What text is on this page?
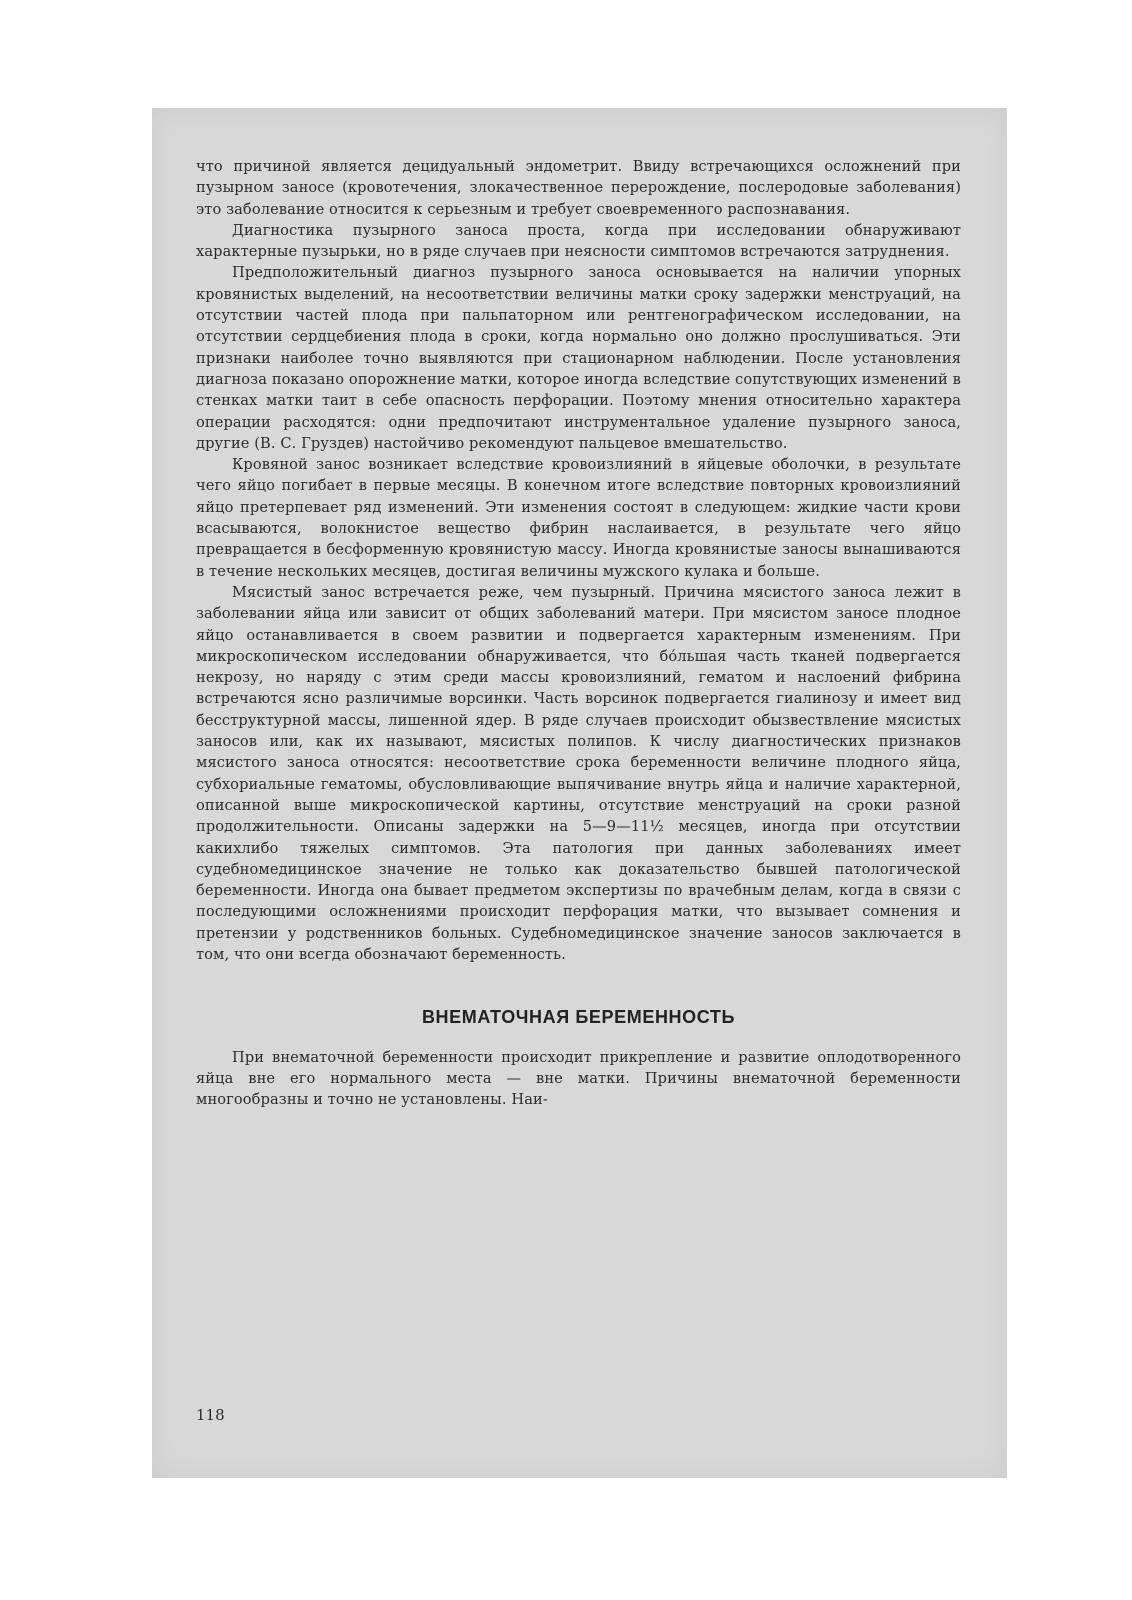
что причиной является децидуальный эндометрит. Ввиду встречающихся осложнений при пузырном заносе (кровотечения, злокачественное перерождение, послеродовые заболевания) это заболевание относится к серьезным и требует своевременного распознавания.

Диагностика пузырного заноса проста, когда при исследовании обнаруживают характерные пузырьки, но в ряде случаев при неясности симптомов встречаются затруднения.

Предположительный диагноз пузырного заноса основывается на наличии упорных кровянистых выделений, на несоответствии величины матки сроку задержки менструаций, на отсутствии частей плода при пальпаторном или рентгенографическом исследовании, на отсутствии сердцебиения плода в сроки, когда нормально оно должно прослушиваться. Эти признаки наиболее точно выявляются при стационарном наблюдении. После установления диагноза показано опорожнение матки, которое иногда вследствие сопутствующих изменений в стенках матки таит в себе опасность перфорации. Поэтому мнения относительно характера операции расходятся: одни предпочитают инструментальное удаление пузырного заноса, другие (В. С. Груздев) настойчиво рекомендуют пальцевое вмешательство.

Кровяной занос возникает вследствие кровоизлияний в яйцевые оболочки, в результате чего яйцо погибает в первые месяцы. В конечном итоге вследствие повторных кровоизлияний яйцо претерпевает ряд изменений. Эти изменения состоят в следующем: жидкие части крови всасываются, волокнистое вещество фибрин наслаивается, в результате чего яйцо превращается в бесформенную кровянистую массу. Иногда кровянистые заносы вынашиваются в течение нескольких месяцев, достигая величины мужского кулака и больше.

Мясистый занос встречается реже, чем пузырный. Причина мясистого заноса лежит в заболевании яйца или зависит от общих заболеваний матери. При мясистом заносе плодное яйцо останавливается в своем развитии и подвергается характерным изменениям. При микроскопическом исследовании обнаруживается, что бо́льшая часть тканей подвергается некрозу, но наряду с этим среди массы кровоизлияний, гематом и наслоений фибрина встречаются ясно различимые ворсинки. Часть ворсинок подвергается гиалинозу и имеет вид бесструктурной массы, лишенной ядер. В ряде случаев происходит обызвествление мясистых заносов или, как их называют, мясистых полипов. К числу диагностических признаков мясистого заноса относятся: несоответствие срока беременности величине плодного яйца, субхориальные гематомы, обусловливающие выпячивание внутрь яйца и наличие характерной, описанной выше микроскопической картины, отсутствие менструаций на сроки разной продолжительности. Описаны задержки на 5—9—11½ месяцев, иногда при отсутствии какихлибо тяжелых симптомов. Эта патология при данных заболеваниях имеет судебномедицинское значение не только как доказательство бывшей патологической беременности. Иногда она бывает предметом экспертизы по врачебным делам, когда в связи с последующими осложнениями происходит перфорация матки, что вызывает сомнения и претензии у родственников больных. Судебномедицинское значение заносов заключается в том, что они всегда обозначают беременность.

ВНЕМАТОЧНАЯ БЕРЕМЕННОСТЬ

При внематочной беременности происходит прикрепление и развитие оплодотворенного яйца вне его нормального места — вне матки. Причины внематочной беременности многообразны и точно не установлены. Наи-

118
